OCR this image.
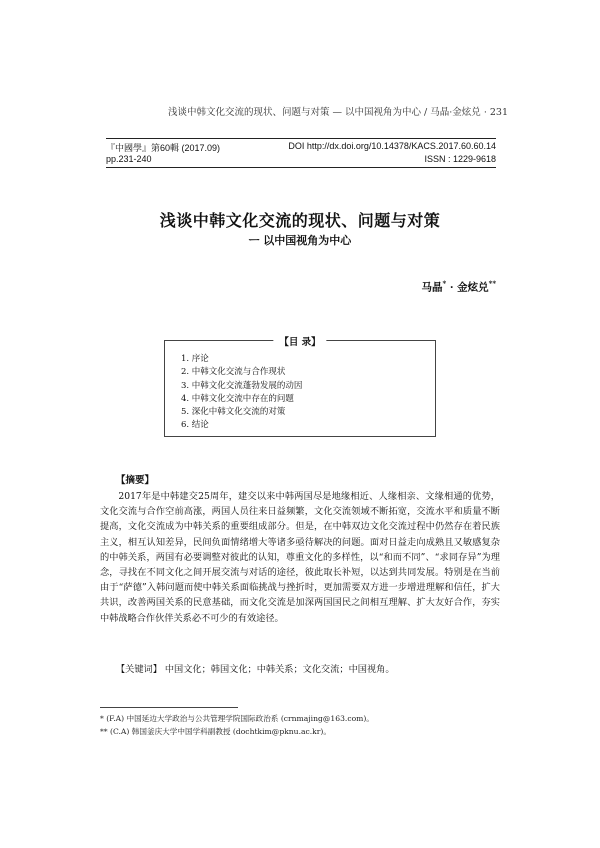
浅谈中韩文化交流的现状、问题与对策 — 以中国视角为中心 / 马晶·金炫兑 · 231
『中國學』第60輯 (2017.09)	DOI http://dx.doi.org/10.14378/KACS.2017.60.60.14
pp.231-240	ISSN : 1229-9618
浅谈中韩文化交流的现状、问题与对策
ㅡ 以中国视角为中心
马晶* · 金炫兑**
【目 录】
1. 序论
2. 中韩文化交流与合作现状
3. 中韩文化交流蓬勃发展的动因
4. 中韩文化交流中存在的问题
5. 深化中韩文化交流的对策
6. 结论
【摘要】
2017年是中韩建交25周年，建交以来中韩两国尽是地缘相近、人缘相亲、文缘相通的优势，文化交流与合作空前高涨，两国人员往来日益频繁，文化交流领域不断拓宽，交流水平和质量不断提高，文化交流成为中韩关系的重要组成部分。但是，在中韩双边文化交流过程中仍然存在着民族主义，相互认知差异，民间负面情绪增大等诸多亟待解决的问题。面对日益走向成熟且又敏感复杂的中韩关系，两国有必要调整对彼此的认知，尊重文化的多样性，以“和而不同”、“求同存异”为理念，寻找在不同文化之间开展交流与对话的途径，彼此取长补短，以达到共同发展。特别是在当前由于“萨德”入韩问题而使中韩关系面临挑战与挫折时，更加需要双方进一步增进理解和信任，扩大共识，改善两国关系的民意基础，而文化交流是加深两国国民之间相互理解、扩大友好合作，夯实中韩战略合作伙伴关系必不可少的有效途径。
【关键词】 中国文化；韩国文化；中韩关系；文化交流；中国视角。
* (F.A) 中国延边大学政治与公共管理学院国际政治系 (crnmajing@163.com)。
** (C.A) 韩国釜庆大学中国学科副教授 (dochtkim@pknu.ac.kr)。
